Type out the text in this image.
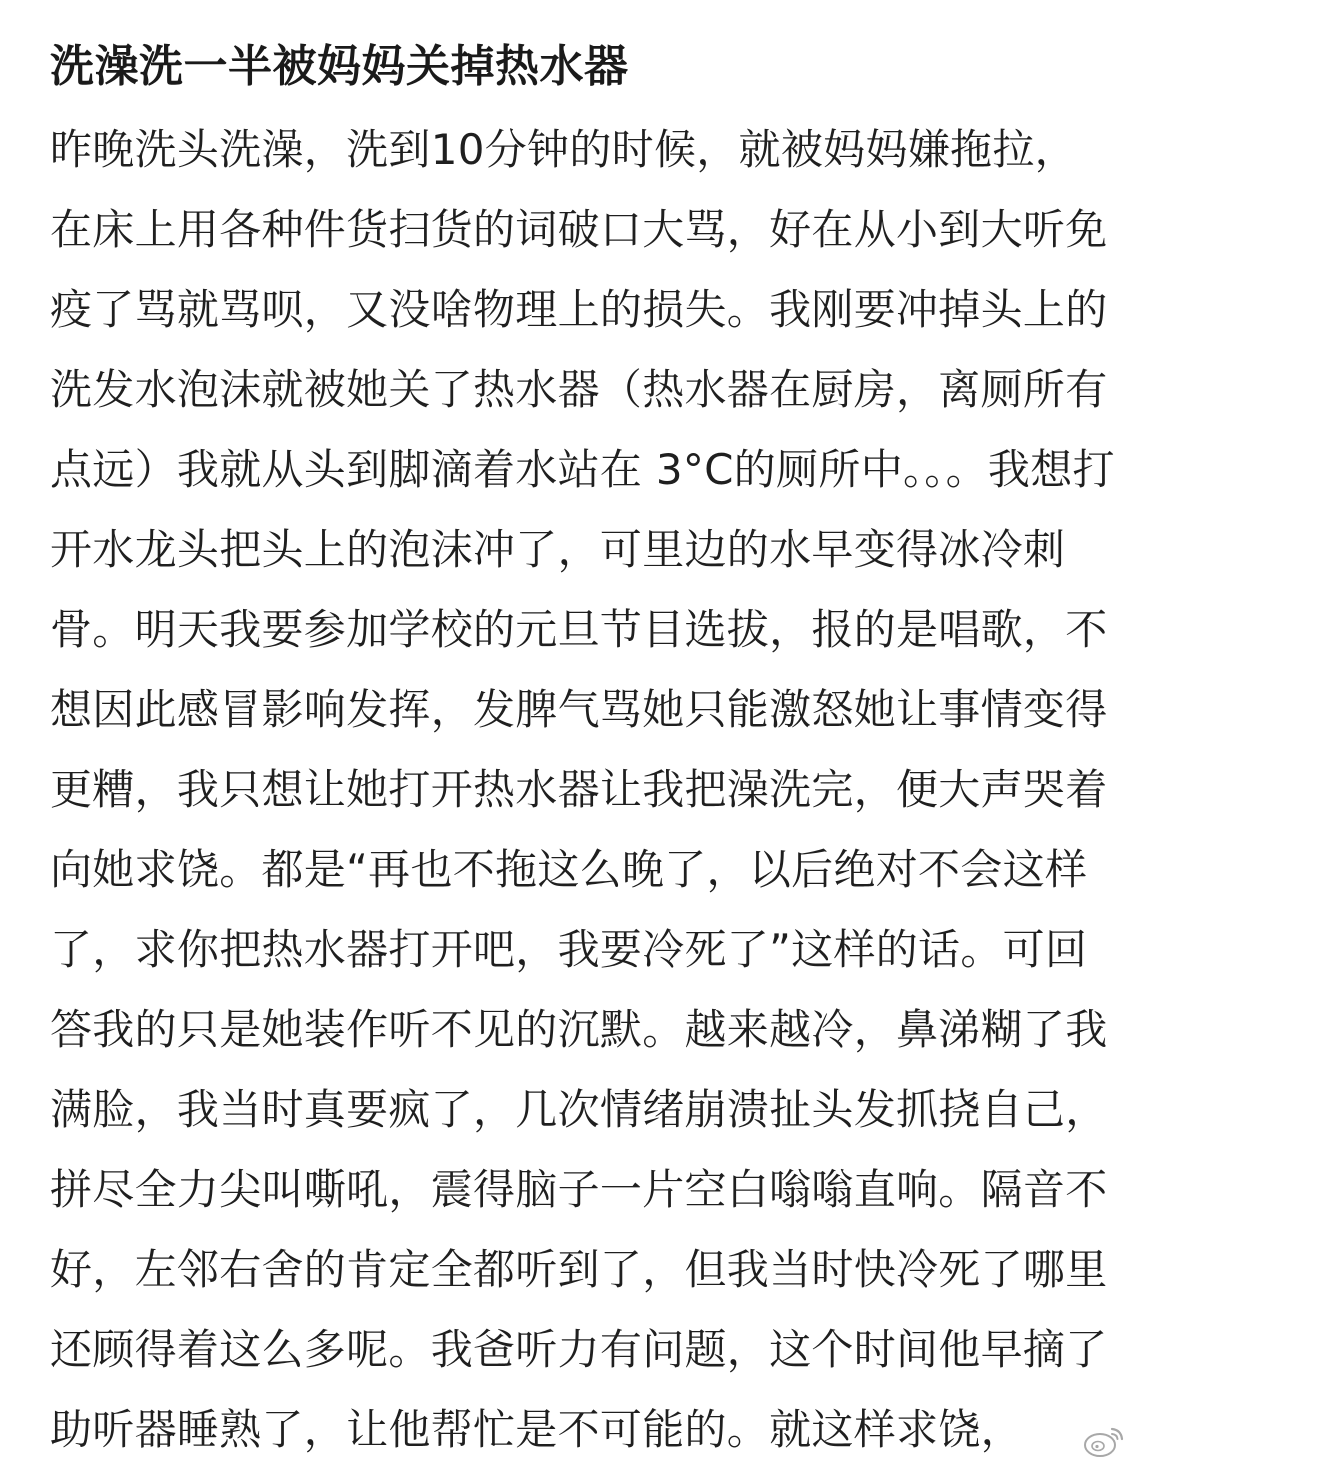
洗澡洗一半被妈妈关掉热水器
昨晚洗头洗澡，洗到10分钟的时候，就被妈妈嫌拖拉，
在床上用各种件货扫货的词破口大骂，好在从小到大听免
疫了骂就骂呗，又没啥物理上的损失。我刚要冲掉头上的
洗发水泡沫就被她关了热水器（热水器在厨房，离厕所有
点远）我就从头到脚滴着水站在 3°C的厕所中。。。我想打
开水龙头把头上的泡沫冲了，可里边的水早变得冰冷刺
骨。明天我要参加学校的元旦节目选拔，报的是唱歌，不
想因此感冒影响发挥，发脾气骂她只能激怒她让事情变得
更糟，我只想让她打开热水器让我把澡洗完，便大声哭着
向她求饶。都是“再也不拖这么晚了，以后绝对不会这样
了，求你把热水器打开吧，我要冷死了”这样的话。可回
答我的只是她装作听不见的沉默。越来越冷，鼻涕糊了我
满脸，我当时真要疯了，几次情绪崩溃扯头发抓挠自己，
拼尽全力尖叫嘶吼，震得脑子一片空白嗡嗡直响。隔音不
好，左邻右舍的肯定全都听到了，但我当时快冷死了哪里
还顾得着这么多呢。我爸听力有问题，这个时间他早摘了
助听器睡熟了，让他帮忙是不可能的。就这样求饶，
